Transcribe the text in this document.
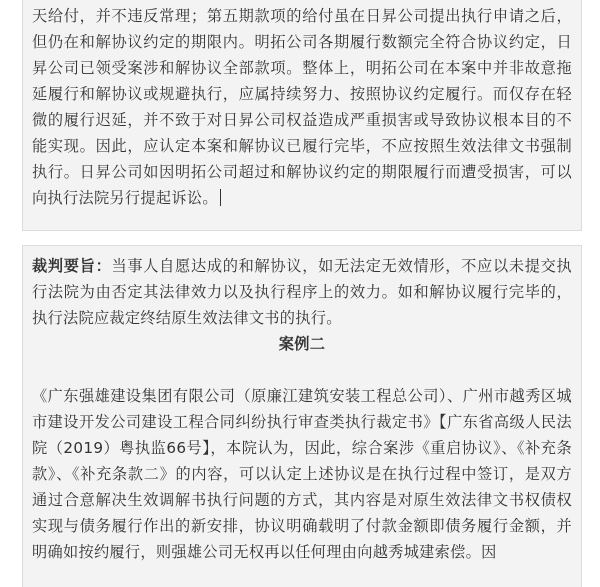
天给付，并不违反常理；第五期款项的给付虽在日昇公司提出执行申请之后，但仍在和解协议约定的期限内。明拓公司各期履行数额完全符合协议约定，日昇公司已领受案涉和解协议全部款项。整体上，明拓公司在本案中并非故意拖延履行和解协议或规避执行，应属持续努力、按照协议约定履行。而仅存在轻微的履行迟延，并不致于对日昇公司权益造成严重损害或导致协议根本目的不能实现。因此，应认定本案和解协议已履行完毕，不应按照生效法律文书强制执行。日昇公司如因明拓公司超过和解协议约定的期限履行而遭受损害，可以向执行法院另行提起诉讼。

裁判要旨：当事人自愿达成的和解协议，如无法定无效情形，不应以未提交执行法院为由否定其法律效力以及执行程序上的效力。如和解协议履行完毕的，执行法院应裁定终结原生效法律文书的执行。

案例二

《广东强雄建设集团有限公司（原廉江建筑安装工程总公司）、广州市越秀区城市建设开发公司建设工程合同纠纷执行审查类执行裁定书》【广东省高级人民法院（2019）粤执监66号】，本院认为，因此，综合案涉《重启协议》、《补充条款》、《补充条款二》的内容，可以认定上述协议是在执行过程中签订，是双方通过合意解决生效调解书执行问题的方式，其内容是对原生效法律文书权债权实现与债务履行作出的新安排，协议明确载明了付款金额即债务履行金额，并明确如按约履行，则强雄公司无权再以任何理由向越秀城建索偿。因
